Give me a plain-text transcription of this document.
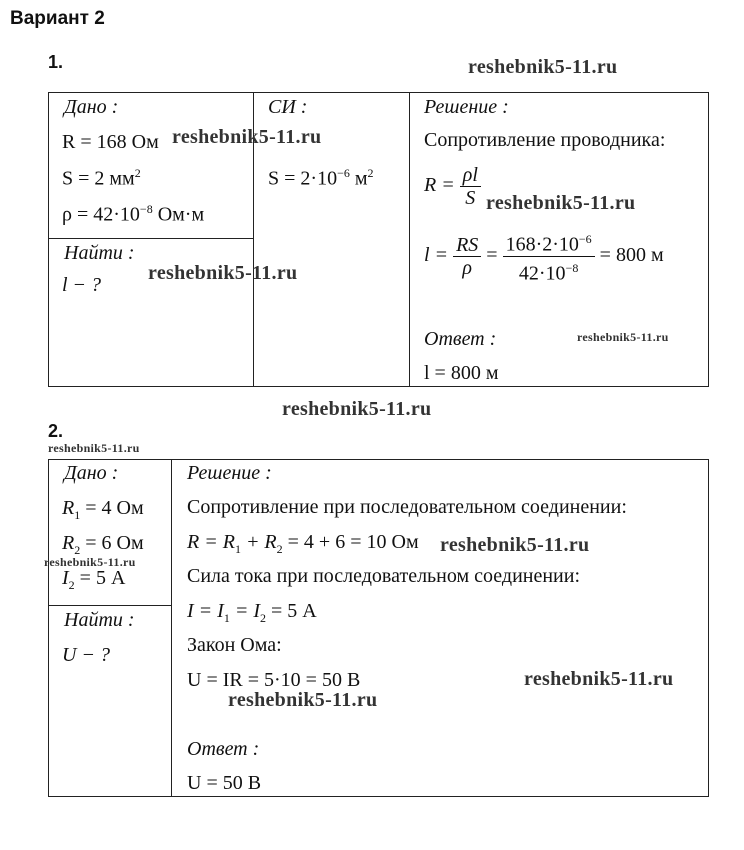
Вариант 2
1.	reshebnik5-11.ru
Дано :
R = 168 Ом reshebnik5-11.ru
S = 2 $мм^2$
$\rho = 42\cdot 10^{-8}$ Ом·м
Найти :
l − ?
reshebnik5-11.ru
СИ :
$S = 2\cdot 10^{-6}$ $м^2$
Решение :
Сопротивление проводника:
$R = \frac{\rho l}{S}$ reshebnik5-11.ru
$l = \frac{RS}{\rho} = \frac{168\cdot 2\cdot 10^{-6}}{42\cdot 10^{-8}} = 800$ м
Ответ :	reshebnik5-11.ru
l = 800 м
reshebnik5-11.ru
2.
reshebnik5-11.ru
Дано :
$R_1 = 4$ Ом
$R_2 = 6$ Ом
reshebnik5-11.ru
$I_2 = 5$ А
Найти :
U − ?
Решение :
Сопротивление при последовательном соединении:
$R = R_1 + R_2 = 4 + 6 = 10$ Ом reshebnik5-11.ru
Сила тока при последовательном соединении:
$I = I_1 = I_2 = 5$ А
Закон Ома:
U = IR = 5·10 = 50 В	reshebnik5-11.ru
reshebnik5-11.ru
Ответ :
U = 50 В
